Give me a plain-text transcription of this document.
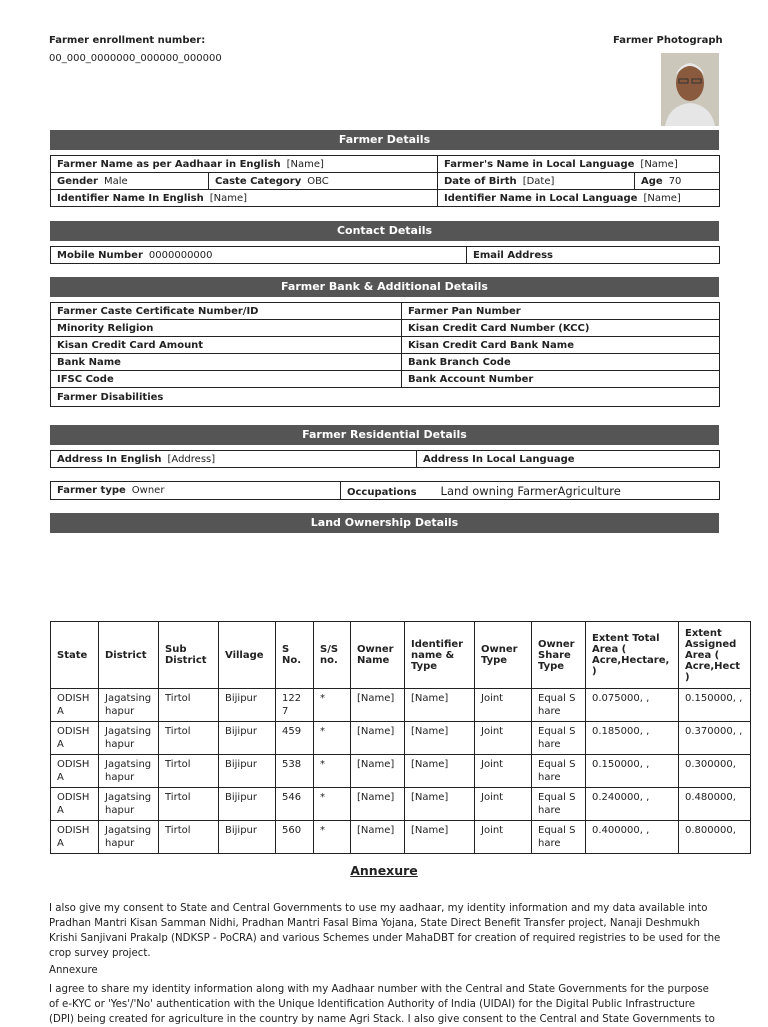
Farmer enrollment number:
00_000_0000000_000000_000000
Farmer Photograph
Farmer Details
Farmer Name as per Aadhaar in English [Name]		Farmer's Name in Local Language [Name]	
Gender Male	Caste Category OBC	Date of Birth [Date]	Age 70
Identifier Name In English [Name]		Identifier Name in Local Language [Name]	
Contact Details
Mobile Number 0000000000	Email Address
Farmer Bank & Additional Details
Farmer Caste Certificate Number/ID	Farmer Pan Number
Minority Religion	Kisan Credit Card Number (KCC)
Kisan Credit Card Amount	Kisan Credit Card Bank Name
Bank Name	Bank Branch Code
IFSC Code	Bank Account Number
Farmer Disabilities	
Farmer Residential Details
Address In English [Address]	Address In Local Language
Farmer type Owner	Occupations Land owning FarmerAgriculture
Land Ownership Details
State	District	Sub District	Village	S No.	S/S no.	Owner Name	Identifier name & Type	Owner Type	Owner Share Type	Extent Total Area ( Acre,Hectare, )	Extent Assigned Area ( Acre,Hect )
ODISHA	Jagatsinghapur	Tirtol	Bijipur	1227	*	[Name]	[Name]	Joint	Equal Share	0.075000, ,	0.150000, ,
ODISHA	Jagatsinghapur	Tirtol	Bijipur	459	*	[Name]	[Name]	Joint	Equal Share	0.185000, ,	0.370000, ,
ODISHA	Jagatsinghapur	Tirtol	Bijipur	538	*	[Name]	[Name]	Joint	Equal Share	0.150000, ,	0.300000,
ODISHA	Jagatsinghapur	Tirtol	Bijipur	546	*	[Name]	[Name]	Joint	Equal Share	0.240000, ,	0.480000,
ODISHA	Jagatsinghapur	Tirtol	Bijipur	560	*	[Name]	[Name]	Joint	Equal Share	0.400000, ,	0.800000,
Annexure
I also give my consent to State and Central Governments to use my aadhaar, my identity information and my data available into Pradhan Mantri Kisan Samman Nidhi, Pradhan Mantri Fasal Bima Yojana, State Direct Benefit Transfer project, Nanaji Deshmukh Krishi Sanjivani Prakalp (NDKSP - PoCRA) and various Schemes under MahaDBT for creation of required registries to be used for the crop survey project.
Annexure
I agree to share my identity information along with my Aadhaar number with the Central and State Governments for the purpose of e-KYC or 'Yes'/'No' authentication with the Unique Identification Authority of India (UIDAI) for the Digital Public Infrastructure (DPI) being created for agriculture in the country by name Agri Stack. I also give consent to the Central and State Governments to
